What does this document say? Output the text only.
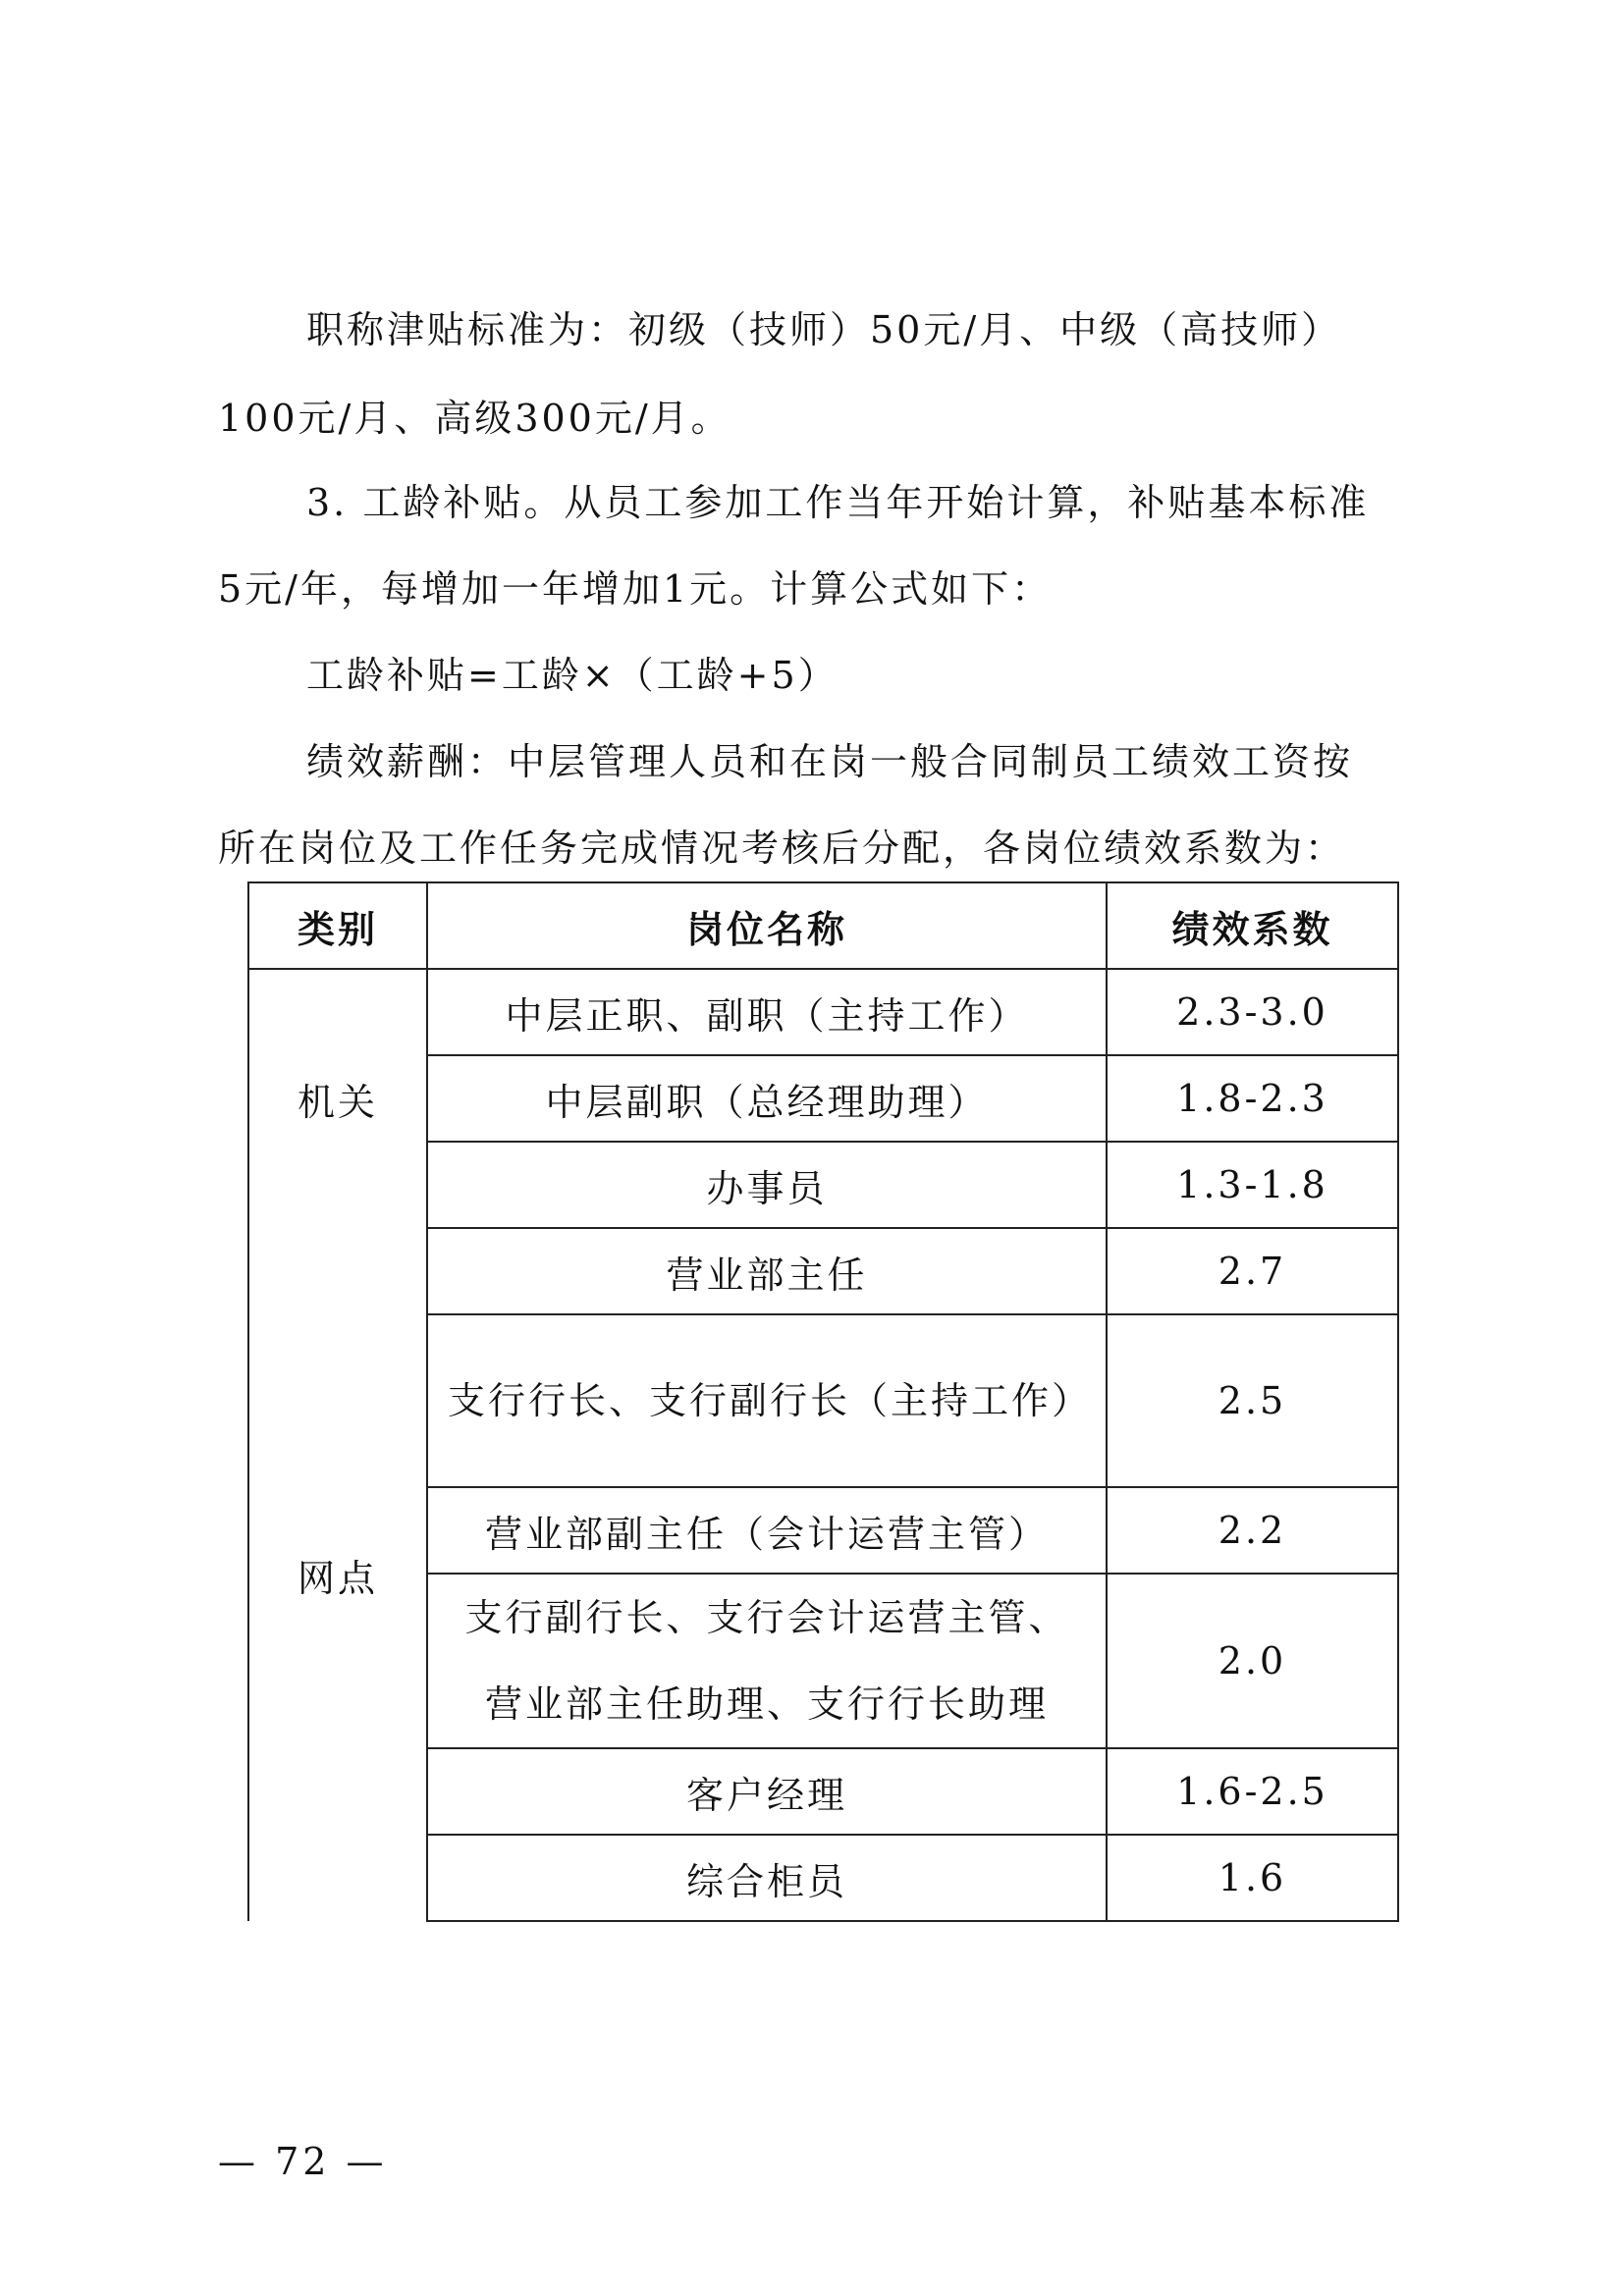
职称津贴标准为：初级（技师）50元/月、中级（高技师）
100元/月、高级300元/月。
3. 工龄补贴。从员工参加工作当年开始计算，补贴基本标准
5元/年，每增加一年增加1元。计算公式如下：
工龄补贴=工龄×（工龄+5）
绩效薪酬：中层管理人员和在岗一般合同制员工绩效工资按
所在岗位及工作任务完成情况考核后分配，各岗位绩效系数为：
类别	岗位名称	绩效系数
机关	中层正职、副职（主持工作）	2.3-3.0
	中层副职（总经理助理）	1.8-2.3
	办事员	1.3-1.8
网点	营业部主任	2.7
	支行行长、支行副行长（主持工作）	2.5
	营业部副主任（会计运营主管）	2.2
	支行副行长、支行会计运营主管、营业部主任助理、支行行长助理	2.0
	客户经理	1.6-2.5
	综合柜员	1.6
— 72 —
